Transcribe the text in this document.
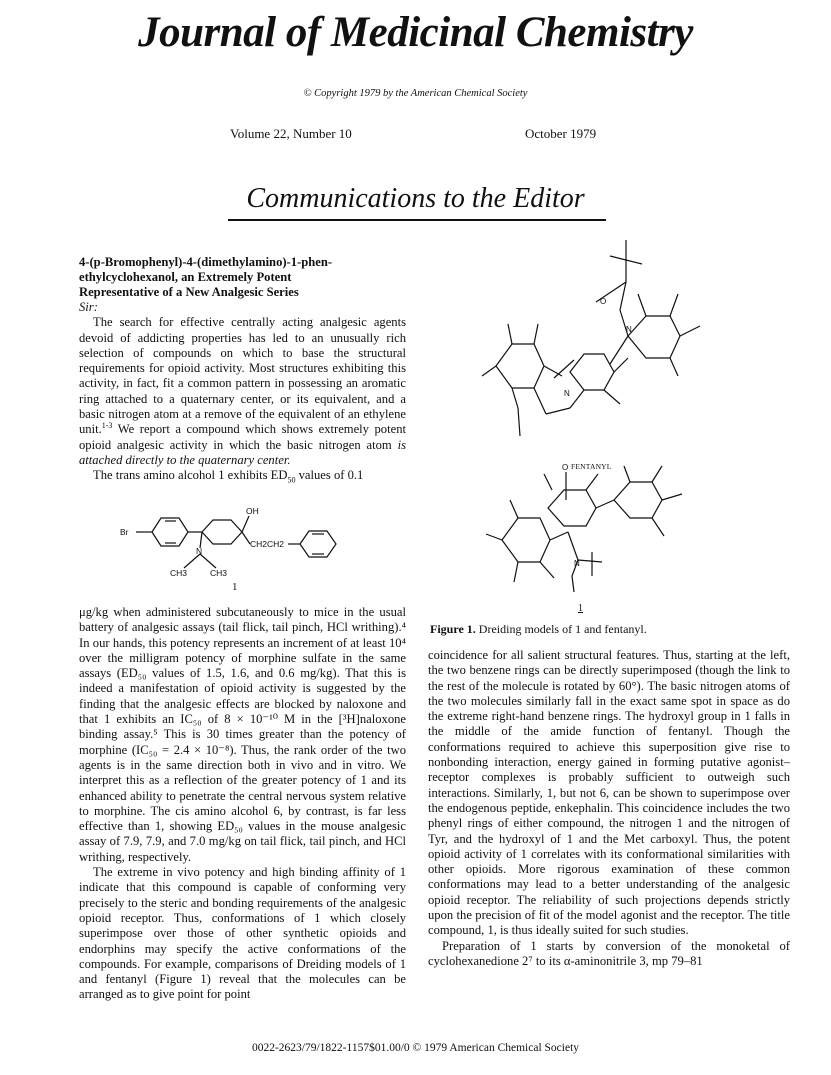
Journal of Medicinal Chemistry
© Copyright 1979 by the American Chemical Society
Volume 22, Number 10	October 1979
Communications to the Editor

4-(p-Bromophenyl)-4-(dimethylamino)-1-phen-
ethylcyclohexanol, an Extremely Potent
Representative of a New Analgesic Series

Sir:

The search for effective centrally acting analgesic agents devoid of addicting properties has led to an unusually rich selection of compounds on which to base the structural requirements for opioid activity. Most structures exhibiting this activity, in fact, fit a common pattern in possessing an aromatic ring attached to a quaternary center, or its equivalent, and a basic nitrogen atom at a remove of the equivalent of an ethylene unit.$^{1-3}$ We report a compound which shows extremely potent opioid analgesic activity in which the basic nitrogen atom is attached directly to the quaternary center.

The trans amino alcohol 1 exhibits $ED_{50}$ values of 0.1

Br
OH
N
CH3	CH3
CH2CH2
1

μg/kg when administered subcutaneously to mice in the usual battery of analgesic assays (tail flick, tail pinch, HCl writhing).⁴ In our hands, this potency represents an increment of at least 10⁴ over the milligram potency of morphine sulfate in the same assays (ED₅₀ values of 1.5, 1.6, and 0.6 mg/kg). That this is indeed a manifestation of opioid activity is suggested by the finding that the analgesic effects are blocked by naloxone and that 1 exhibits an IC₅₀ of 8 × 10⁻¹⁰ M in the [³H]naloxone binding assay.⁵ This is 30 times greater than the potency of morphine (IC₅₀ = 2.4 × 10⁻⁸). Thus, the rank order of the two agents is in the same direction both in vivo and in vitro. We interpret this as a reflection of the greater potency of 1 and its enhanced ability to penetrate the central nervous system relative to morphine. The cis amino alcohol 6, by contrast, is far less effective than 1, showing ED₅₀ values in the mouse analgesic assay of 7.9, 7.9, and 7.0 mg/kg on tail flick, tail pinch, and HCl writhing, respectively.

The extreme in vivo potency and high binding affinity of 1 indicate that this compound is capable of conforming very precisely to the steric and bonding requirements of the analgesic opioid receptor. Thus, conformations of 1 which closely superimpose over those of other synthetic opioids and endorphins may specify the active conformations of the compounds. For example, comparisons of Dreiding models of 1 and fentanyl (Figure 1) reveal that the molecules can be arranged as to give point for point

O
N
N
FENTANYL
O
N
1
Figure 1. Dreiding models of 1 and fentanyl.

coincidence for all salient structural features. Thus, starting at the left, the two benzene rings can be directly superimposed (though the link to the rest of the molecule is rotated by 60°). The basic nitrogen atoms of the two molecules similarly fall in the exact same spot in space as do the extreme right-hand benzene rings. The hydroxyl group in 1 falls in the middle of the amide function of fentanyl. Though the conformations required to achieve this superposition give rise to nonbonding interaction, energy gained in forming putative agonist–receptor complexes is probably sufficient to outweigh such interactions. Similarly, 1, but not 6, can be shown to superimpose over the endogenous peptide, enkephalin. This coincidence includes the two phenyl rings of either compound, the nitrogen 1 and the nitrogen of Tyr, and the hydroxyl of 1 and the Met carboxyl. Thus, the potent opioid activity of 1 correlates with its conformational similarities with other opioids. More rigorous examination of these common conformations may lead to a better understanding of the analgesic opioid receptor. The reliability of such projections depends strictly upon the precision of fit of the model agonist and the receptor. The title compound, 1, is thus ideally suited for such studies.

Preparation of 1 starts by conversion of the monoketal of cyclohexanedione 2⁷ to its α-aminonitrile 3, mp 79–81

0022-2623/79/1822-1157$01.00/0 © 1979 American Chemical Society
